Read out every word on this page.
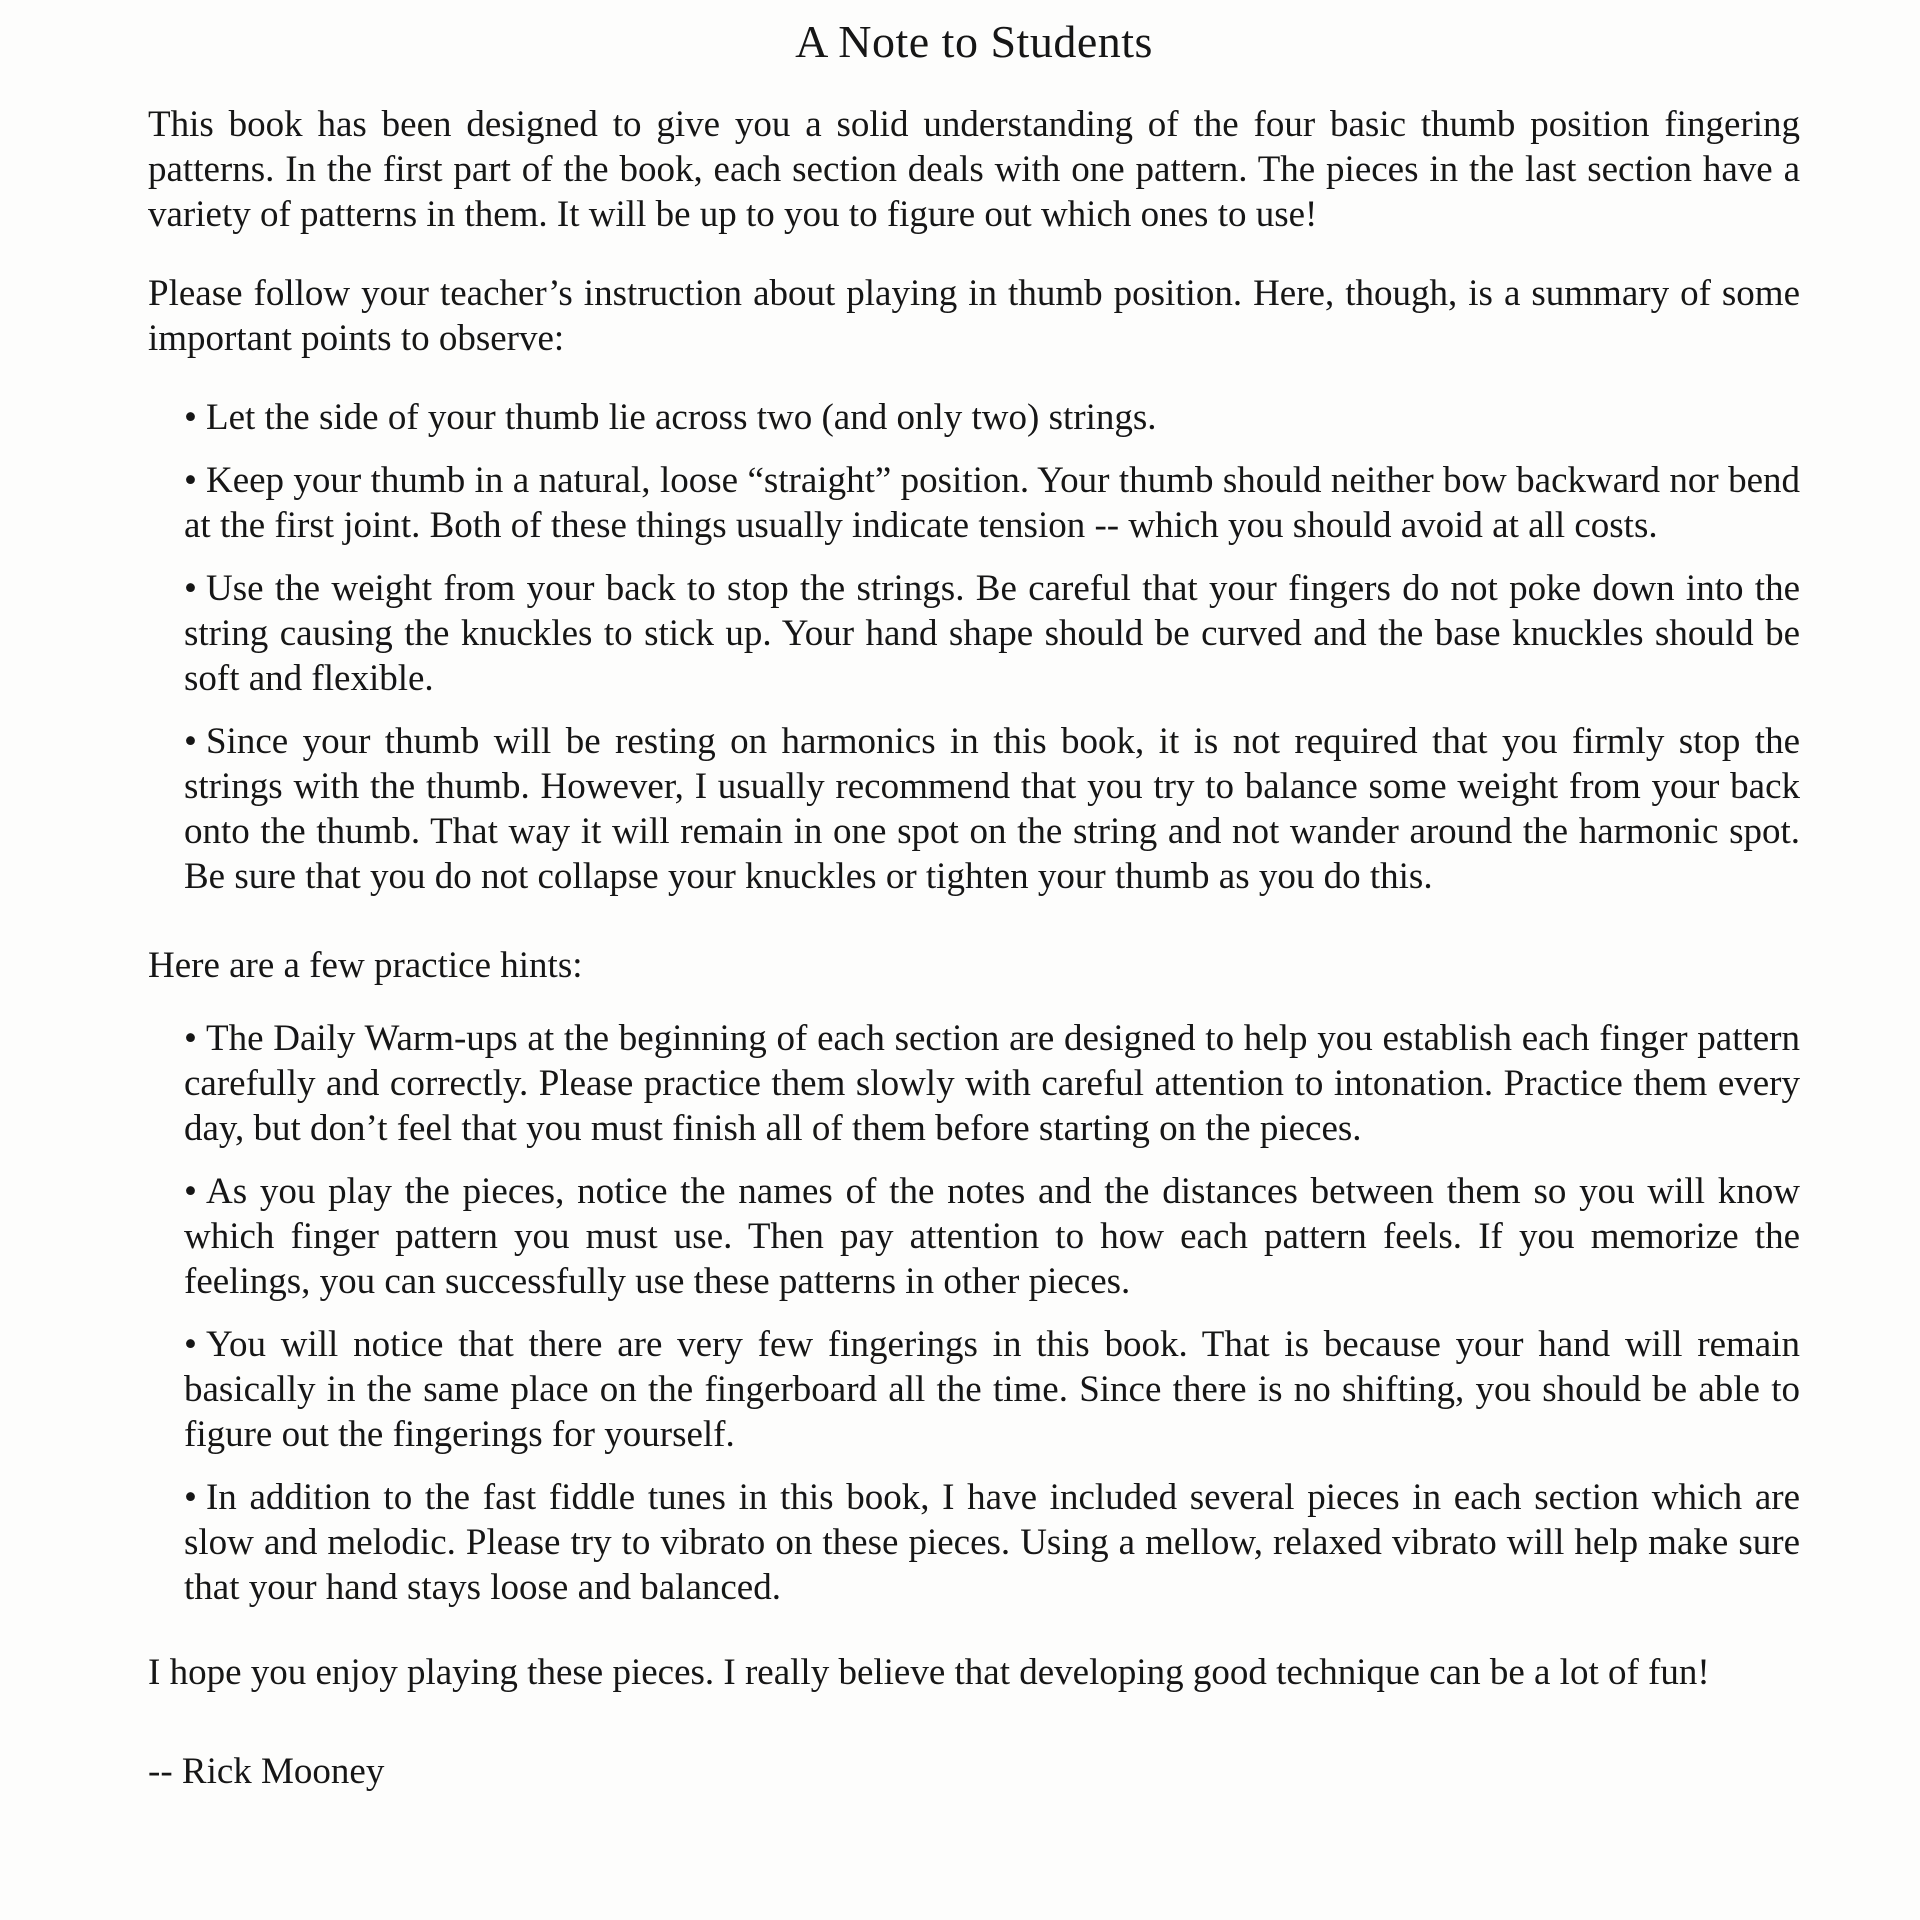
A Note to Students

This book has been designed to give you a solid understanding of the four basic thumb position fingering patterns. In the first part of the book, each section deals with one pattern. The pieces in the last section have a variety of patterns in them. It will be up to you to figure out which ones to use!

Please follow your teacher’s instruction about playing in thumb position. Here, though, is a summary of some important points to observe:

• Let the side of your thumb lie across two (and only two) strings.

• Keep your thumb in a natural, loose “straight” position. Your thumb should neither bow backward nor bend at the first joint. Both of these things usually indicate tension -- which you should avoid at all costs.

• Use the weight from your back to stop the strings. Be careful that your fingers do not poke down into the string causing the knuckles to stick up. Your hand shape should be curved and the base knuckles should be soft and flexible.

• Since your thumb will be resting on harmonics in this book, it is not required that you firmly stop the strings with the thumb. However, I usually recommend that you try to balance some weight from your back onto the thumb. That way it will remain in one spot on the string and not wander around the harmonic spot. Be sure that you do not collapse your knuckles or tighten your thumb as you do this.

Here are a few practice hints:

• The Daily Warm-ups at the beginning of each section are designed to help you establish each finger pattern carefully and correctly. Please practice them slowly with careful attention to intonation. Practice them every day, but don’t feel that you must finish all of them before starting on the pieces.

• As you play the pieces, notice the names of the notes and the distances between them so you will know which finger pattern you must use. Then pay attention to how each pattern feels. If you memorize the feelings, you can successfully use these patterns in other pieces.

• You will notice that there are very few fingerings in this book. That is because your hand will remain basically in the same place on the fingerboard all the time. Since there is no shifting, you should be able to figure out the fingerings for yourself.

• In addition to the fast fiddle tunes in this book, I have included several pieces in each section which are slow and melodic. Please try to vibrato on these pieces. Using a mellow, relaxed vibrato will help make sure that your hand stays loose and balanced.

I hope you enjoy playing these pieces. I really believe that developing good technique can be a lot of fun!

-- Rick Mooney
